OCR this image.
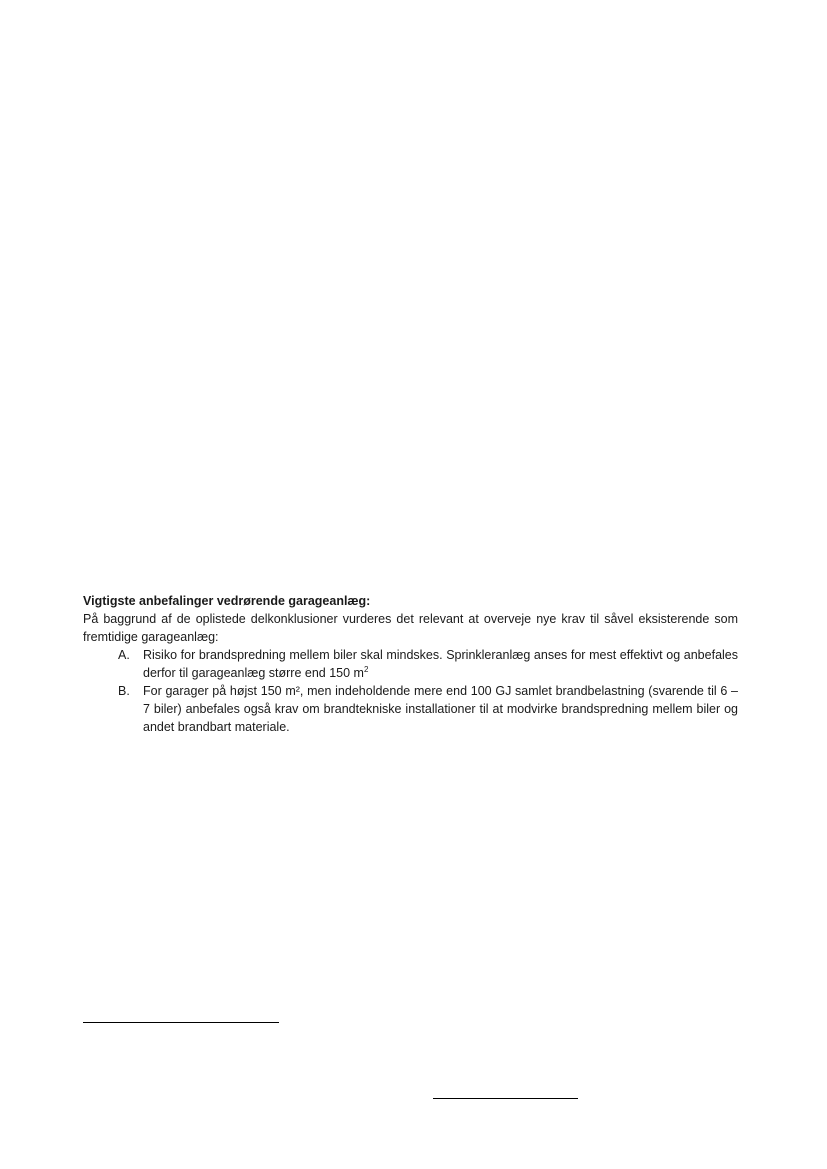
Vigtigste anbefalinger vedrørende garageanlæg:

På baggrund af de oplistede delkonklusioner vurderes det relevant at overveje nye krav til såvel eksisterende som fremtidige garageanlæg:

A. Risiko for brandspredning mellem biler skal mindskes. Sprinkleranlæg anses for mest effektivt og anbefales derfor til garageanlæg større end 150 $m^2$
B. For garager på højst 150 m², men indeholdende mere end 100 GJ samlet brandbelastning (svarende til 6 – 7 biler) anbefales også krav om brandtekniske installationer til at modvirke brandspredning mellem biler og andet brandbart materiale.
